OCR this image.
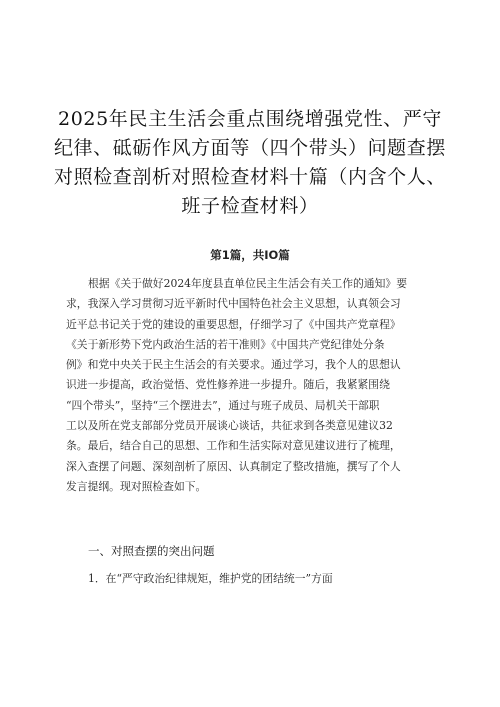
2025年民主生活会重点围绕增强党性、严守
纪律、砥砺作风方面等（四个带头）问题查摆
对照检查剖析对照检查材料十篇（内含个人、
班子检查材料）
第1篇，共IO篇
根据《关于做好2024年度县直单位民主生活会有关工作的通知》要
求，我深入学习贯彻习近平新时代中国特色社会主义思想，认真领会习
近平总书记关于党的建设的重要思想，仔细学习了《中国共产党章程》
《关于新形势下党内政治生活的若干准则》《中国共产党纪律处分条
例》和党中央关于民主生活会的有关要求。通过学习，我个人的思想认
识进一步提高，政治觉悟、党性修养进一步提升。随后，我紧紧围绕
“四个带头”，坚持“三个摆进去”，通过与班子成员、局机关干部职
工以及所在党支部部分党员开展谈心谈话，共征求到各类意见建议32
条。最后，结合自己的思想、工作和生活实际对意见建议进行了梳理，
深入查摆了问题、深刻剖析了原因、认真制定了整改措施，撰写了个人
发言提纲。现对照检查如下。
一、对照查摆的突出问题
1．在“严守政治纪律规矩，维护党的团结统一”方面
